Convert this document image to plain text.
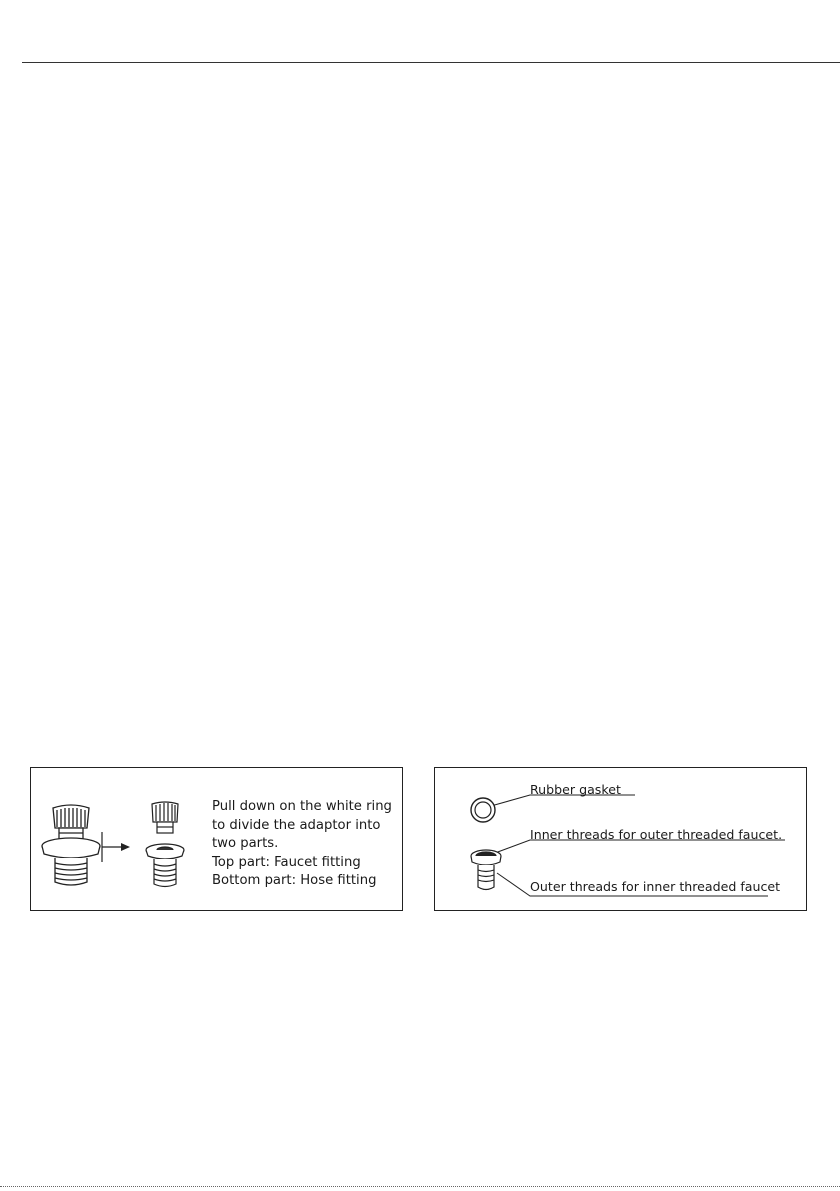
Pull down on the white ring
to divide the adaptor into
two parts.
Top part: Faucet fitting
Bottom part: Hose fitting
Rubber gasket
Inner threads for outer threaded faucet.
Outer threads for inner threaded faucet
